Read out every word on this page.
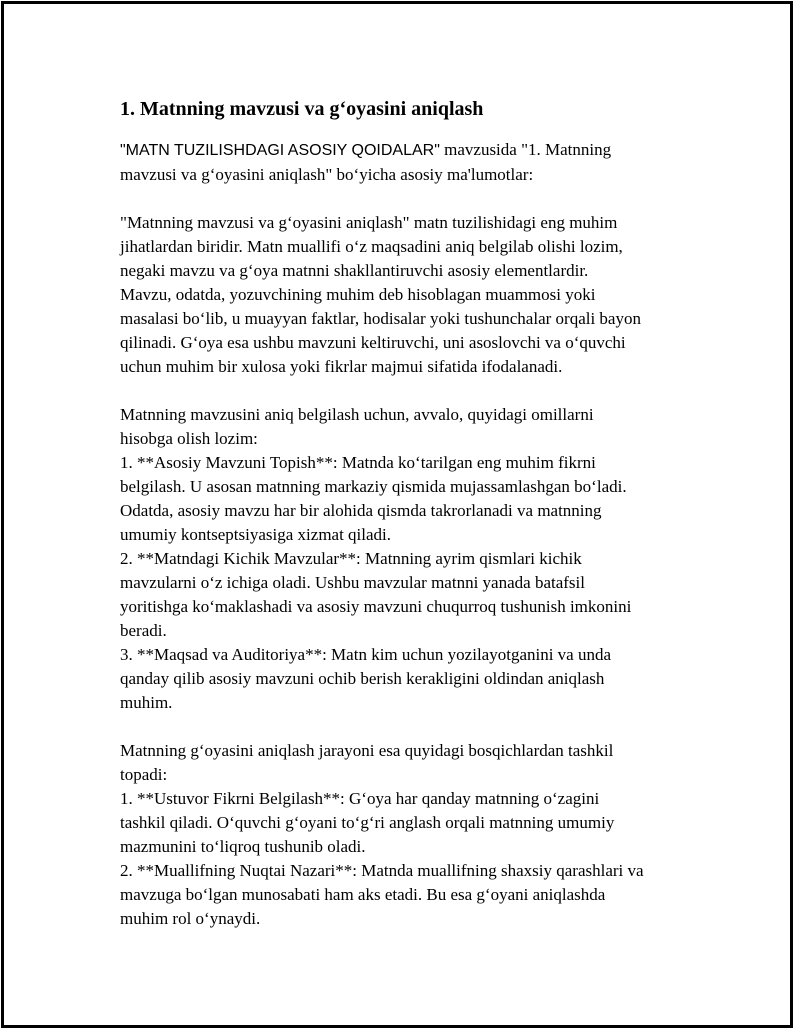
1. Matnning mavzusi va g‘oyasini aniqlash

"MATN TUZILISHDAGI ASOSIY QOIDALAR" mavzusida "1. Matnning

mavzusi va g‘oyasini aniqlash" bo‘yicha asosiy ma'lumotlar:

"Matnning mavzusi va g‘oyasini aniqlash" matn tuzilishidagi eng muhim

jihatlardan biridir. Matn muallifi o‘z maqsadini aniq belgilab olishi lozim,

negaki mavzu va g‘oya matnni shakllantiruvchi asosiy elementlardir.

Mavzu, odatda, yozuvchining muhim deb hisoblagan muammosi yoki

masalasi bo‘lib, u muayyan faktlar, hodisalar yoki tushunchalar orqali bayon

qilinadi. G‘oya esa ushbu mavzuni keltiruvchi, uni asoslovchi va o‘quvchi

uchun muhim bir xulosa yoki fikrlar majmui sifatida ifodalanadi.

Matnning mavzusini aniq belgilash uchun, avvalo, quyidagi omillarni

hisobga olish lozim:

1. **Asosiy Mavzuni Topish**: Matnda ko‘tarilgan eng muhim fikrni

belgilash. U asosan matnning markaziy qismida mujassamlashgan bo‘ladi.

Odatda, asosiy mavzu har bir alohida qismda takrorlanadi va matnning

umumiy kontseptsiyasiga xizmat qiladi.

2. **Matndagi Kichik Mavzular**: Matnning ayrim qismlari kichik

mavzularni o‘z ichiga oladi. Ushbu mavzular matnni yanada batafsil

yoritishga ko‘maklashadi va asosiy mavzuni chuqurroq tushunish imkonini

beradi.

3. **Maqsad va Auditoriya**: Matn kim uchun yozilayotganini va unda

qanday qilib asosiy mavzuni ochib berish kerakligini oldindan aniqlash

muhim.

Matnning g‘oyasini aniqlash jarayoni esa quyidagi bosqichlardan tashkil

topadi:

1. **Ustuvor Fikrni Belgilash**: G‘oya har qanday matnning o‘zagini

tashkil qiladi. O‘quvchi g‘oyani to‘g‘ri anglash orqali matnning umumiy

mazmunini to‘liqroq tushunib oladi.

2. **Muallifning Nuqtai Nazari**: Matnda muallifning shaxsiy qarashlari va

mavzuga bo‘lgan munosabati ham aks etadi. Bu esa g‘oyani aniqlashda

muhim rol o‘ynaydi.
